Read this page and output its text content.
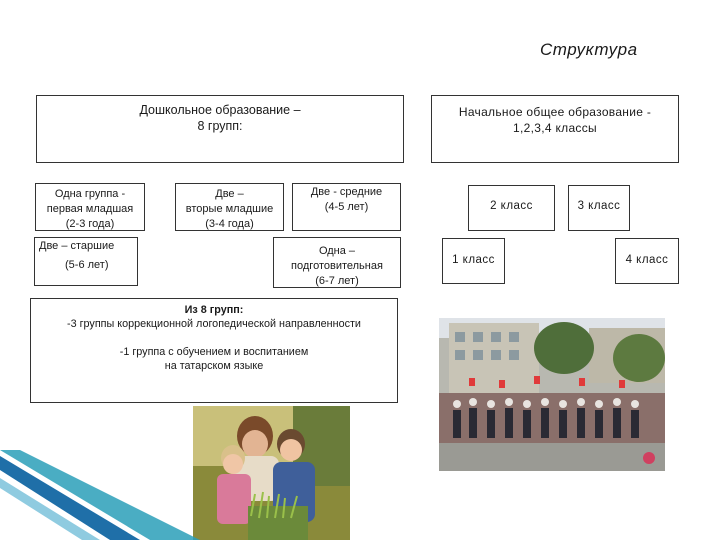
Структура
Дошкольное образование –
8 групп:
Начальное общее образование -
1,2,3,4 классы
Одна группа -
первая младшая
(2-3 года)
Две –
вторые младшие
(3-4 года)
Две - средние
(4-5 лет)
Две – старшие
(5-6 лет)
Одна –
подготовительная
(6-7 лет)
Из 8 групп:
-3 группы коррекционной логопедической направленности
-1 группа с обучением и воспитанием
на татарском языке
2 класс	3 класс
1 класс	4 класс
